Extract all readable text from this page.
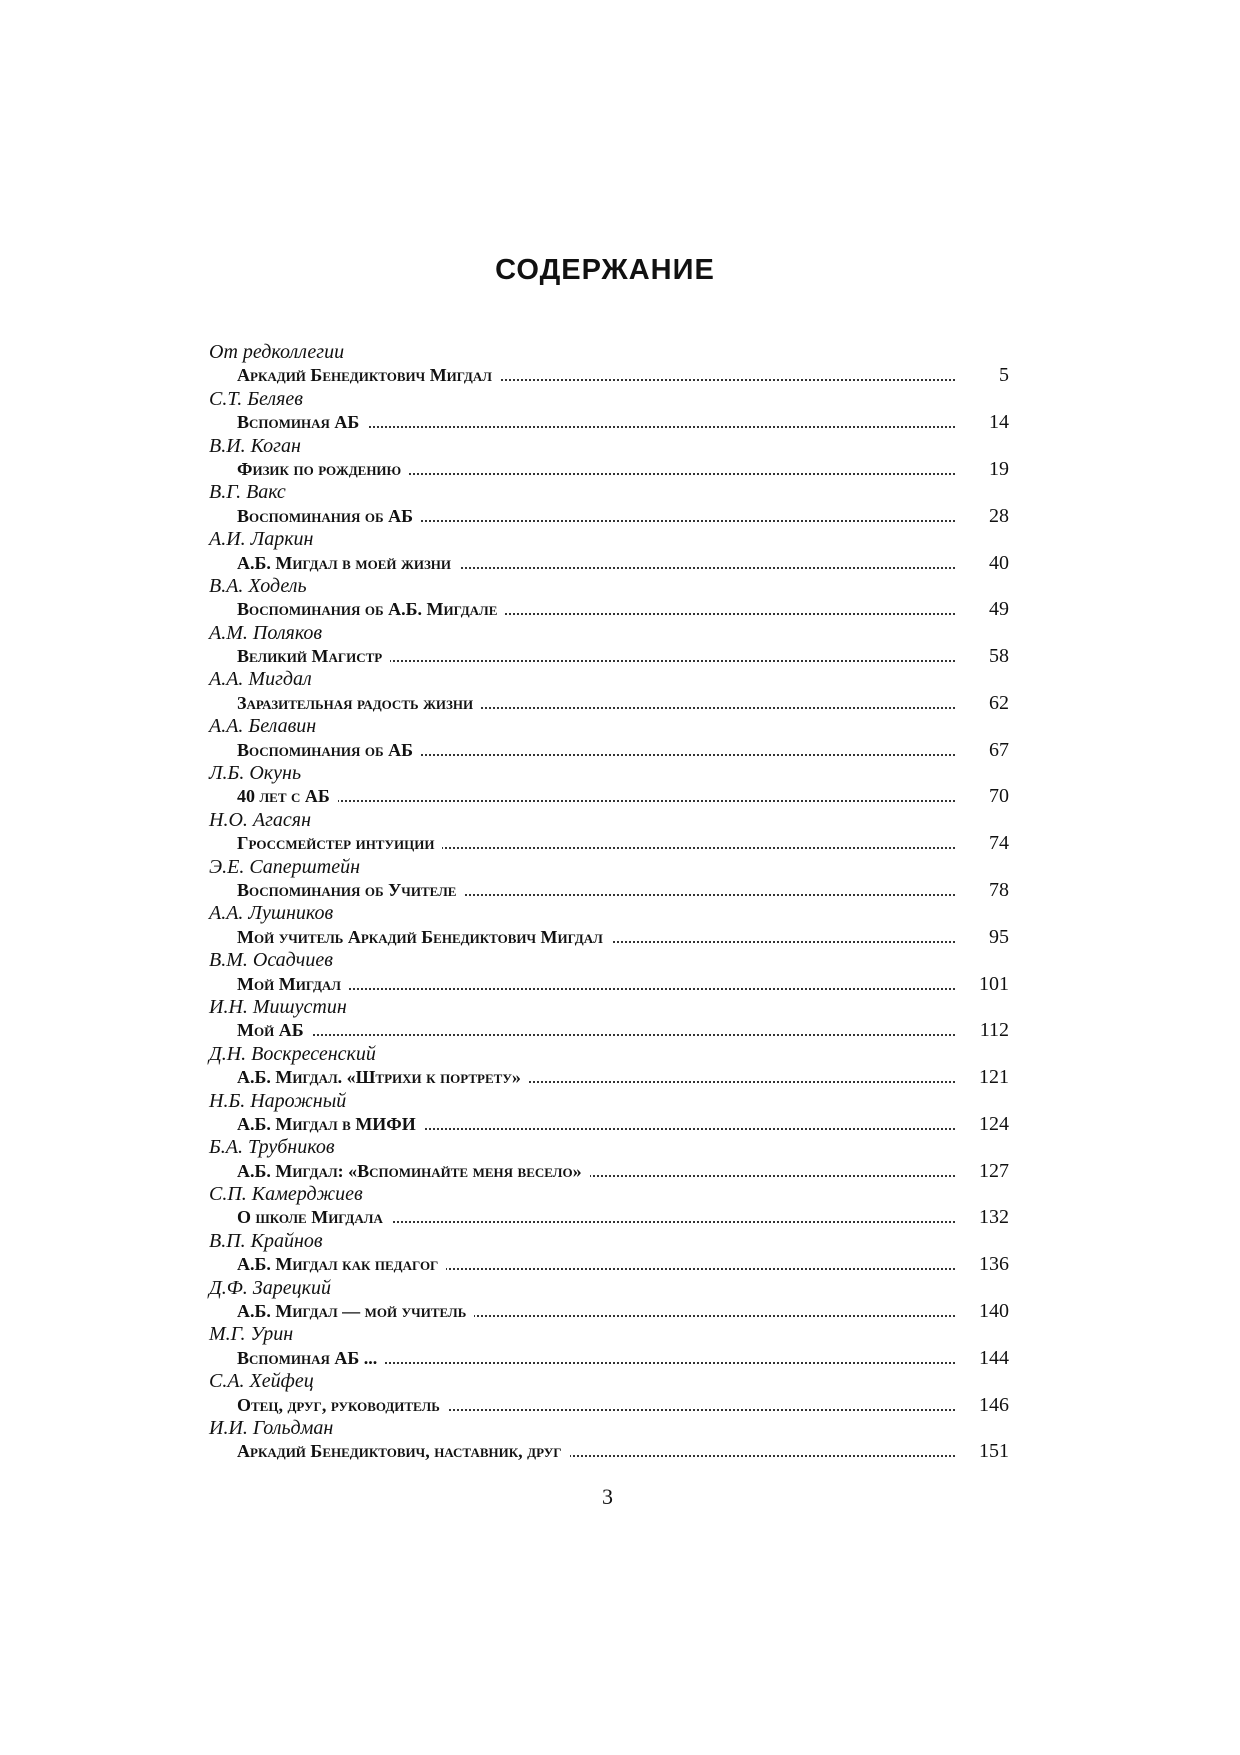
СОДЕРЖАНИЕ
От редколлегии
Аркадий Бенедиктович Мигдал	5
С.Т. Беляев
Вспоминая АБ	14
В.И. Коган
Физик по рождению	19
В.Г. Вакс
Воспоминания об АБ	28
А.И. Ларкин
А.Б. Мигдал в моей жизни	40
В.А. Ходель
Воспоминания об А.Б. Мигдале	49
А.М. Поляков
Великий Магистр	58
А.А. Мигдал
Заразительная радость жизни	62
А.А. Белавин
Воспоминания об АБ	67
Л.Б. Окунь
40 лет с АБ	70
Н.О. Агасян
Гроссмейстер интуиции	74
Э.Е. Саперштейн
Воспоминания об Учителе	78
А.А. Лушников
Мой учитель Аркадий Бенедиктович Мигдал	95
В.М. Осадчиев
Мой Мигдал	101
И.Н. Мишустин
Мой АБ	112
Д.Н. Воскресенский
А.Б. Мигдал. «Штрихи к портрету»	121
Н.Б. Нарожный
А.Б. Мигдал в МИФИ	124
Б.А. Трубников
А.Б. Мигдал: «Вспоминайте меня весело»	127
С.П. Камерджиев
О школе Мигдала	132
В.П. Крайнов
А.Б. Мигдал как педагог	136
Д.Ф. Зарецкий
А.Б. Мигдал — мой учитель	140
М.Г. Урин
Вспоминая АБ ...	144
С.А. Хейфец
Отец, друг, руководитель	146
И.И. Гольдман
Аркадий Бенедиктович, наставник, друг	151
3
